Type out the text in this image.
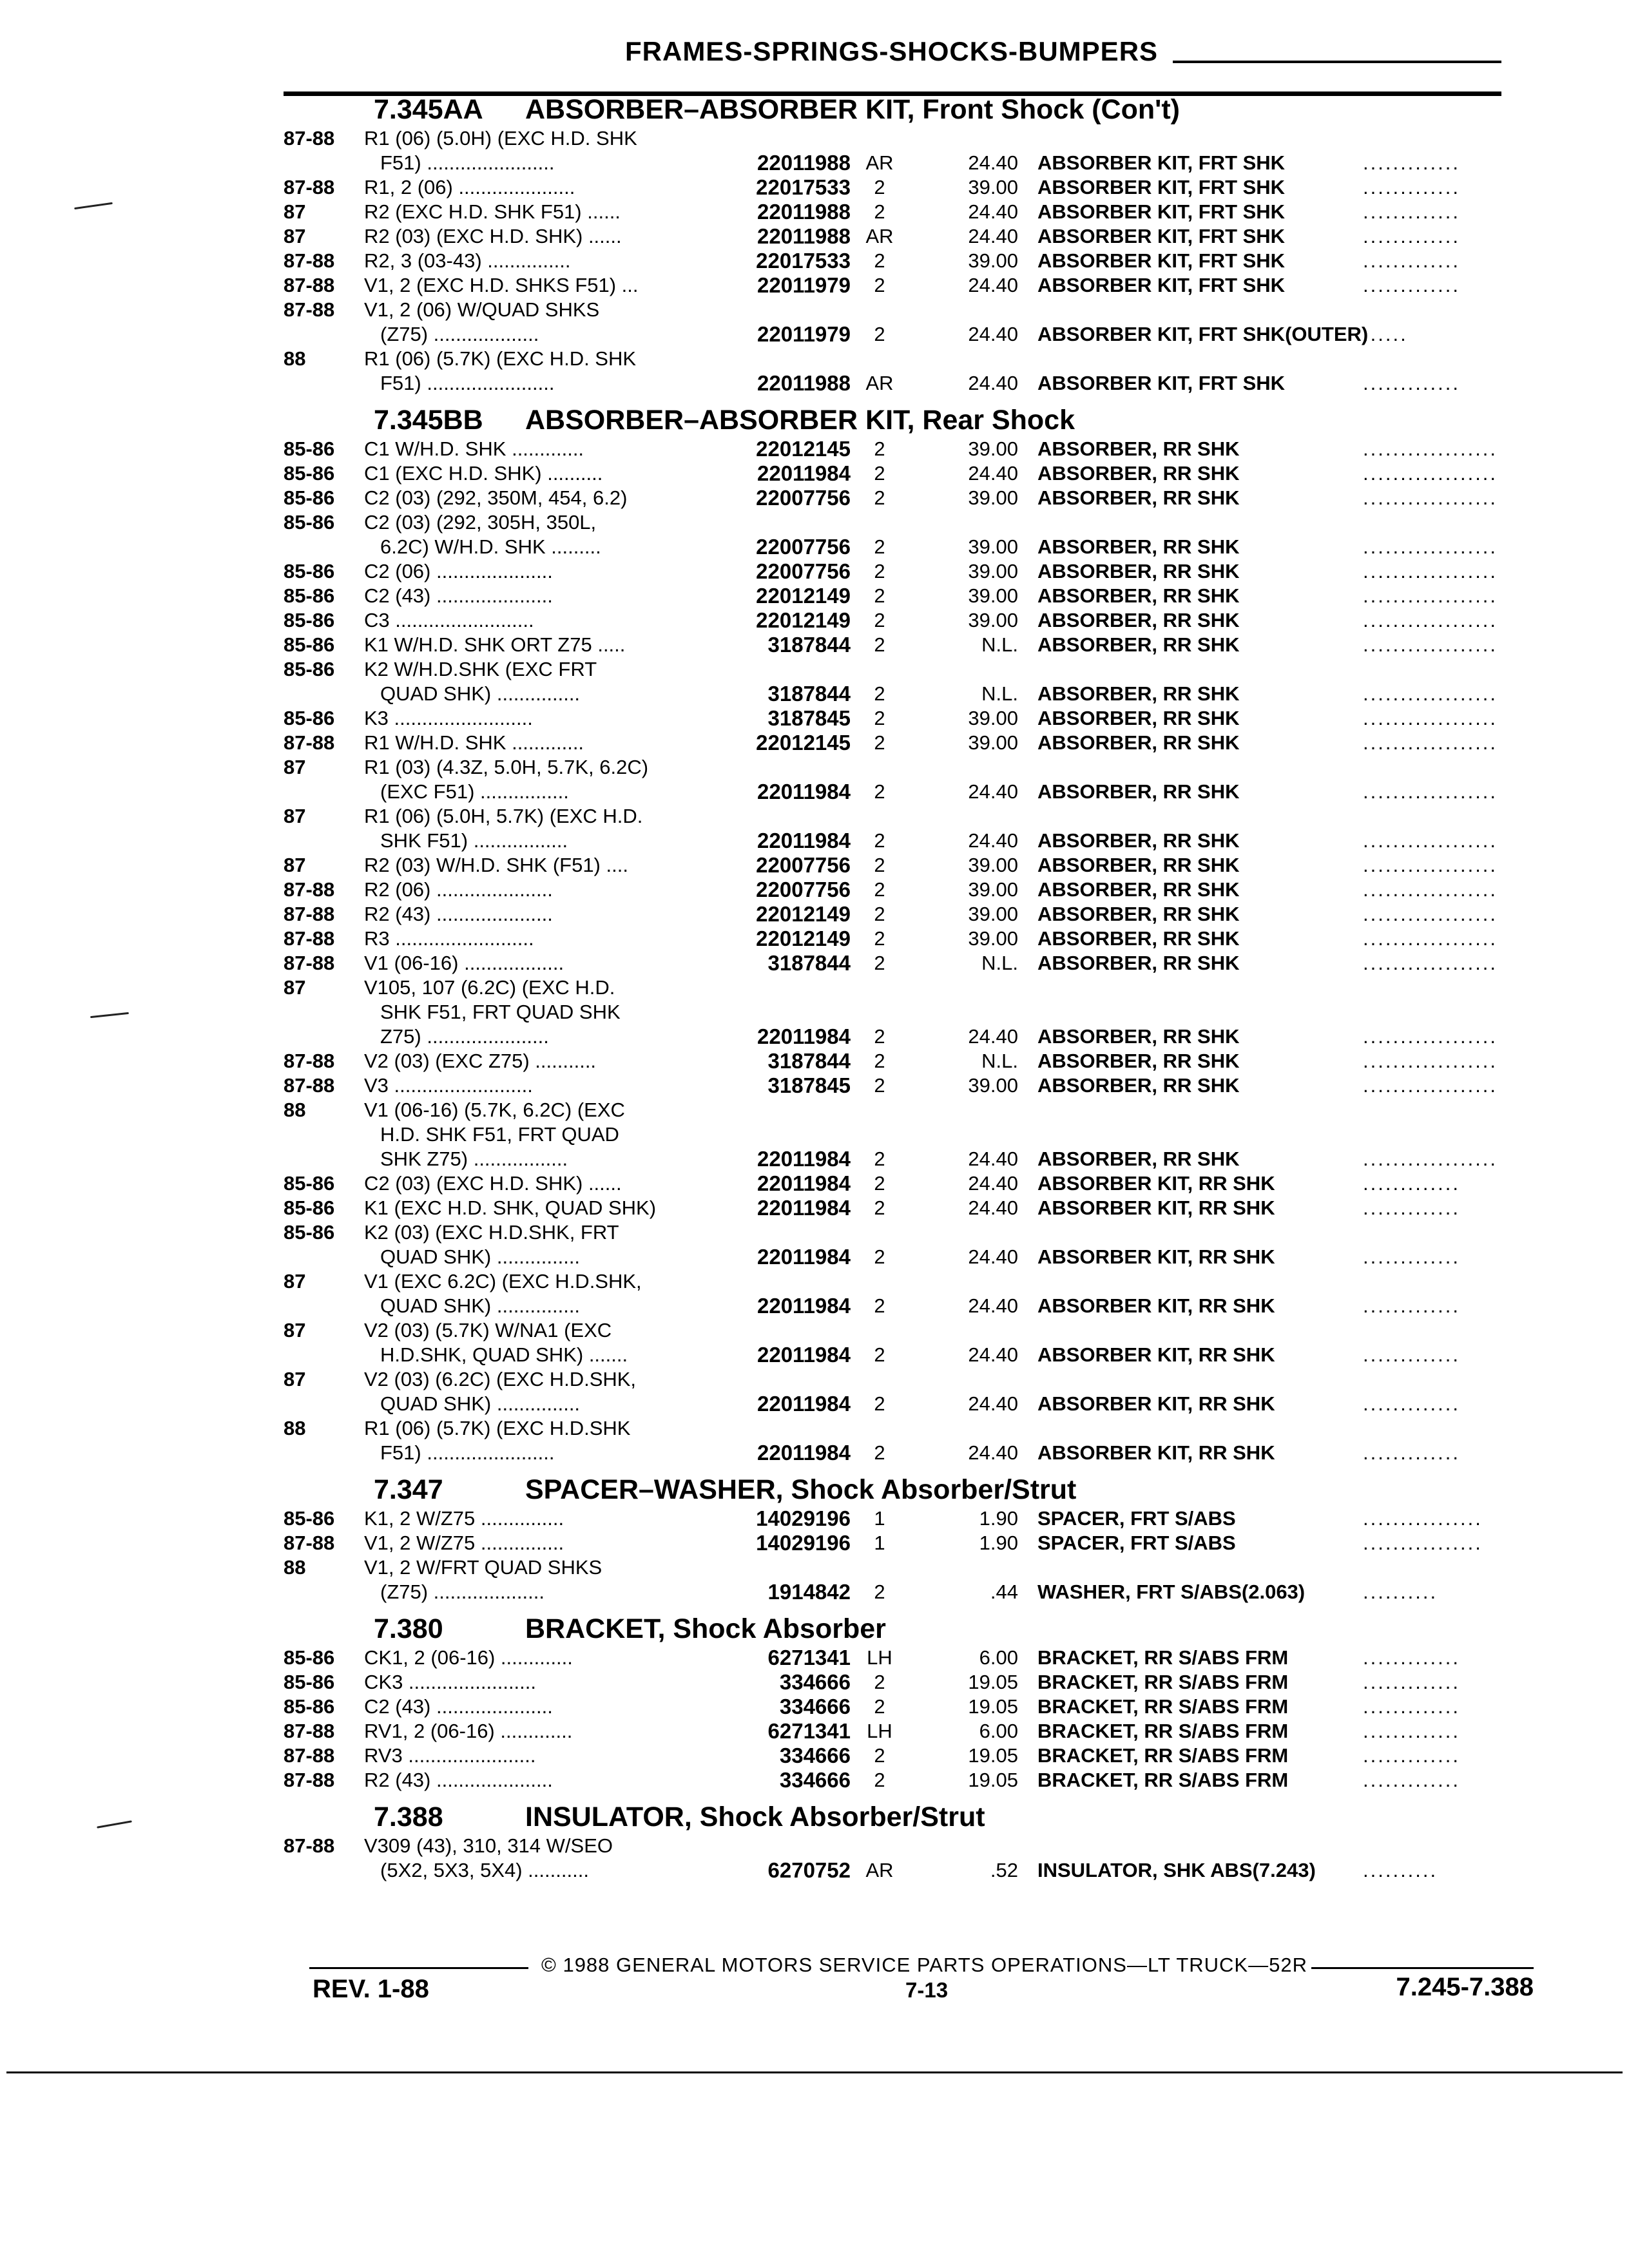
FRAMES-SPRINGS-SHOCKS-BUMPERS
7.345AA ABSORBER–ABSORBER KIT, Front Shock (Con't)
87-88 R1 (06) (5.0H) (EXC H.D. SHK
F51) .......................	22011988 AR	24.40 ABSORBER KIT, FRT SHK	.............
87-88 R1, 2 (06) .....................	22017533	2	39.00 ABSORBER KIT, FRT SHK	.............
87	R2 (EXC H.D. SHK F51) ......	22011988	2	24.40 ABSORBER KIT, FRT SHK	.............
87	R2 (03) (EXC H.D. SHK) ......	22011988 AR	24.40 ABSORBER KIT, FRT SHK	.............
87-88 R2, 3 (03-43) ...............	22017533	2	39.00 ABSORBER KIT, FRT SHK	.............
87-88 V1, 2 (EXC H.D. SHKS F51) ...	22011979	2	24.40 ABSORBER KIT, FRT SHK	.............
87-88 V1, 2 (06) W/QUAD SHKS
(Z75) ...................	22011979	2	24.40 ABSORBER KIT, FRT SHK(OUTER)
......
88	R1 (06) (5.7K) (EXC H.D. SHK
F51) .......................	22011988 AR	24.40 ABSORBER KIT, FRT SHK	.............
7.345BB ABSORBER–ABSORBER KIT, Rear Shock
85-86 C1 W/H.D. SHK .............	22012145	2	39.00 ABSORBER, RR SHK	..................
85-86 C1 (EXC H.D. SHK) ..........	22011984	2	24.40 ABSORBER, RR SHK	..................
85-86 C2 (03) (292, 350M, 454, 6.2)	22007756	2	39.00 ABSORBER, RR SHK	..................
85-86 C2 (03) (292, 305H, 350L,
6.2C) W/H.D. SHK .........	22007756	2	39.00 ABSORBER, RR SHK	..................
85-86 C2 (06) .....................	22007756	2	39.00 ABSORBER, RR SHK	..................
85-86 C2 (43) .....................	22012149	2	39.00 ABSORBER, RR SHK	..................
85-86 C3 .........................	22012149	2	39.00 ABSORBER, RR SHK	..................
85-86 K1 W/H.D. SHK ORT Z75 .....	3187844	2	N.L. ABSORBER, RR SHK	..................
85-86 K2 W/H.D.SHK (EXC FRT
QUAD SHK) ...............	3187844	2	N.L. ABSORBER, RR SHK	..................
85-86 K3 .........................	3187845	2	39.00 ABSORBER, RR SHK	..................
87-88 R1 W/H.D. SHK .............	22012145	2	39.00 ABSORBER, RR SHK	..................
87	R1 (03) (4.3Z, 5.0H, 5.7K, 6.2C)
(EXC F51) ................	22011984	2	24.40 ABSORBER, RR SHK	..................
87	R1 (06) (5.0H, 5.7K) (EXC H.D.
SHK F51) .................	22011984	2	24.40 ABSORBER, RR SHK	..................
87	R2 (03) W/H.D. SHK (F51) ....	22007756	2	39.00 ABSORBER, RR SHK	..................
87-88 R2 (06) .....................	22007756	2	39.00 ABSORBER, RR SHK	..................
87-88 R2 (43) .....................	22012149	2	39.00 ABSORBER, RR SHK	..................
87-88 R3 .........................	22012149	2	39.00 ABSORBER, RR SHK	..................
87-88 V1 (06-16) ..................	3187844	2	N.L. ABSORBER, RR SHK	..................
87	V105, 107 (6.2C) (EXC H.D.
SHK F51, FRT QUAD SHK
Z75) ......................	22011984	2	24.40 ABSORBER, RR SHK	..................
87-88 V2 (03) (EXC Z75) ...........	3187844	2	N.L. ABSORBER, RR SHK	..................
87-88 V3 .........................	3187845	2	39.00 ABSORBER, RR SHK	..................
88	V1 (06-16) (5.7K, 6.2C) (EXC
H.D. SHK F51, FRT QUAD
SHK Z75) .................	22011984	2	24.40 ABSORBER, RR SHK	..................
85-86 C2 (03) (EXC H.D. SHK) ......	22011984	2	24.40 ABSORBER KIT, RR SHK	.............
85-86 K1 (EXC H.D. SHK, QUAD SHK)	22011984	2	24.40 ABSORBER KIT, RR SHK	.............
85-86 K2 (03) (EXC H.D.SHK, FRT
QUAD SHK) ...............	22011984	2	24.40 ABSORBER KIT, RR SHK	.............
87	V1 (EXC 6.2C) (EXC H.D.SHK,
QUAD SHK) ...............	22011984	2	24.40 ABSORBER KIT, RR SHK	.............
87	V2 (03) (5.7K) W/NA1 (EXC
H.D.SHK, QUAD SHK) .......	22011984	2	24.40 ABSORBER KIT, RR SHK	.............
87	V2 (03) (6.2C) (EXC H.D.SHK,
QUAD SHK) ...............	22011984	2	24.40 ABSORBER KIT, RR SHK	.............
88	R1 (06) (5.7K) (EXC H.D.SHK
F51) .......................	22011984	2	24.40 ABSORBER KIT, RR SHK	.............
7.347	SPACER–WASHER, Shock Absorber/Strut
85-86 K1, 2 W/Z75 ...............	14029196	1	1.90 SPACER, FRT S/ABS	................
87-88 V1, 2 W/Z75 ...............	14029196	1	1.90 SPACER, FRT S/ABS	................
88	V1, 2 W/FRT QUAD SHKS
(Z75) ....................	1914842	2	.44 WASHER, FRT S/ABS(2.063)	..........
7.380	BRACKET, Shock Absorber
85-86 CK1, 2 (06-16) .............	6271341 LH	6.00 BRACKET, RR S/ABS FRM	.............
85-86 CK3 .......................	334666	2	19.05 BRACKET, RR S/ABS FRM	.............
85-86 C2 (43) .....................	334666	2	19.05 BRACKET, RR S/ABS FRM	.............
87-88 RV1, 2 (06-16) .............	6271341 LH	6.00 BRACKET, RR S/ABS FRM	.............
87-88 RV3 .......................	334666	2	19.05 BRACKET, RR S/ABS FRM	.............
87-88 R2 (43) .....................	334666	2	19.05 BRACKET, RR S/ABS FRM	.............
7.388	INSULATOR, Shock Absorber/Strut
87-88 V309 (43), 310, 314 W/SEO
(5X2, 5X3, 5X4) ...........	6270752 AR	.52 INSULATOR, SHK ABS(7.243) ..........
© 1988 GENERAL MOTORS SERVICE PARTS OPERATIONS—LT TRUCK—52R
REV. 1-88	7-13	7.245-7.388
